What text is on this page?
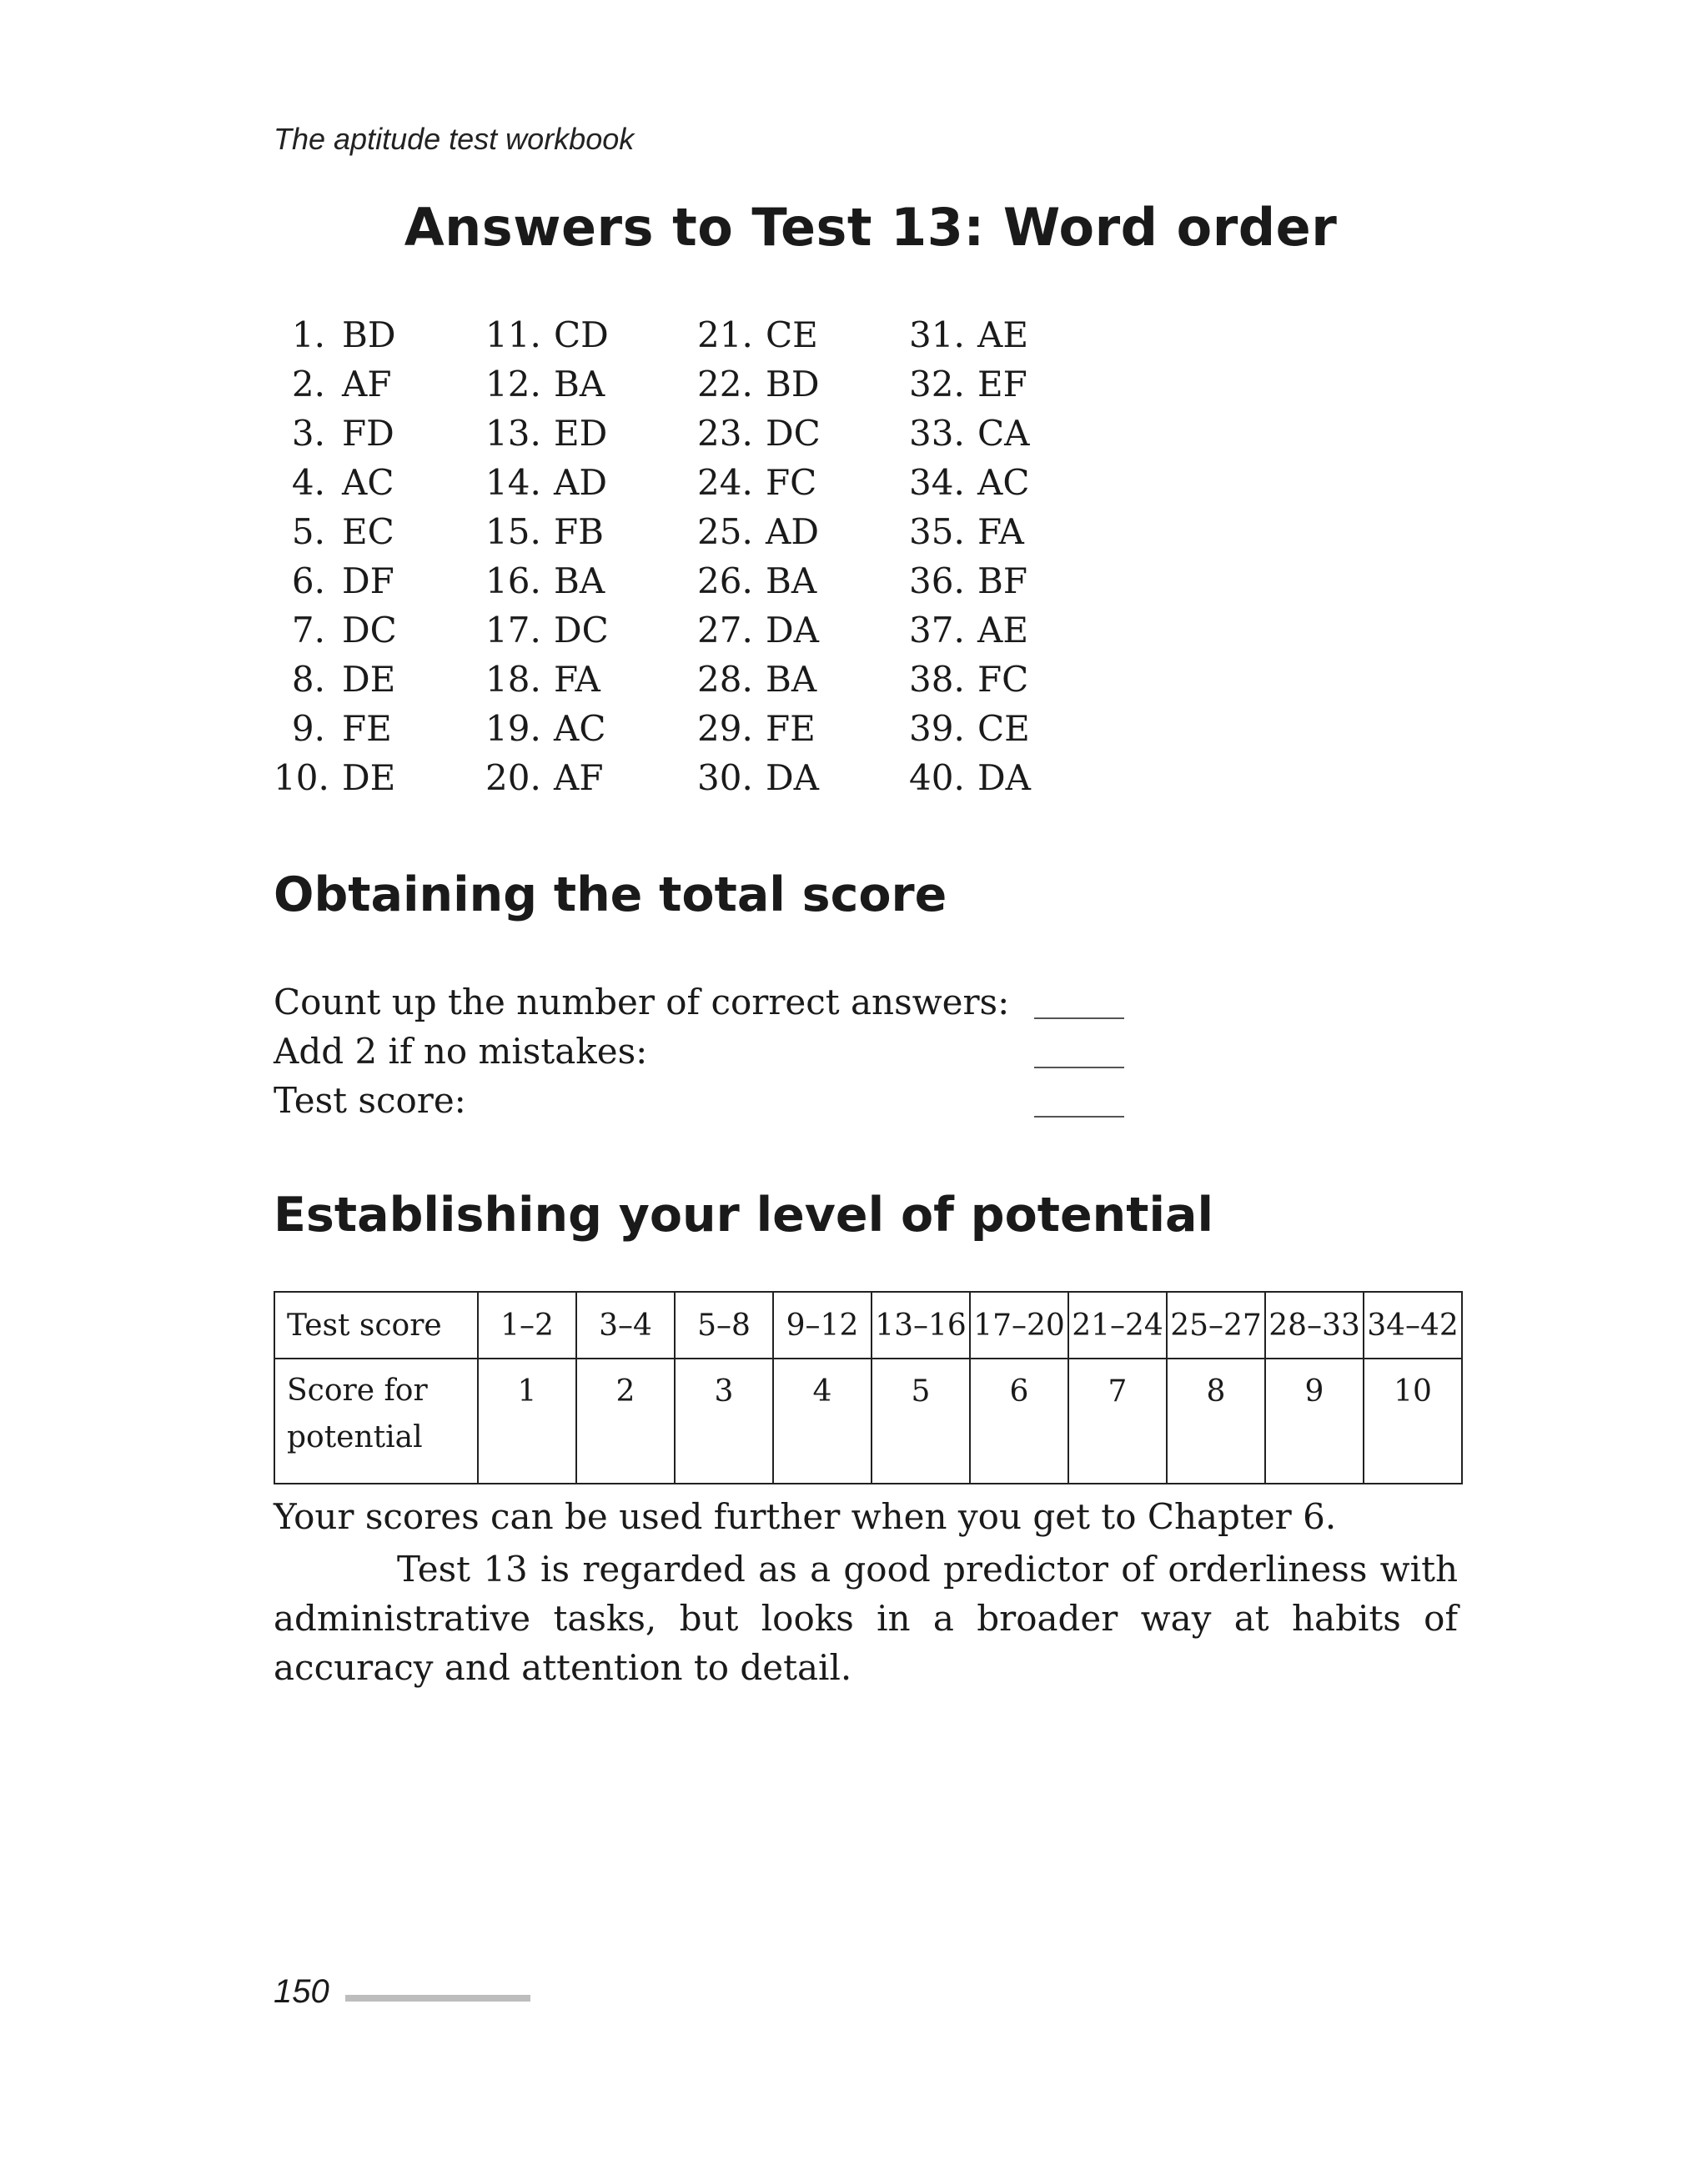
The aptitude test workbook
Answers to Test 13: Word order
1. BD
2. AF
3. FD
4. AC
5. EC
6. DF
7. DC
8. DE
9. FE
10. DE
11. CD
12. BA
13. ED
14. AD
15. FB
16. BA
17. DC
18. FA
19. AC
20. AF
21. CE
22. BD
23. DC
24. FC
25. AD
26. BA
27. DA
28. BA
29. FE
30. DA
31. AE
32. EF
33. CA
34. AC
35. FA
36. BF
37. AE
38. FC
39. CE
40. DA
Obtaining the total score
Count up the number of correct answers:
Add 2 if no mistakes:
Test score:
Establishing your level of potential
Test score	1–2	3–4	5–8	9–12	13–16	17–20	21–24	25–27	28–33	34–42
Score for
potential	1	2	3	4	5	6	7	8	9	10
Your scores can be used further when you get to Chapter 6.
Test 13 is regarded as a good predictor of orderliness with administrative tasks, but looks in a broader way at habits of accuracy and attention to detail.
150
